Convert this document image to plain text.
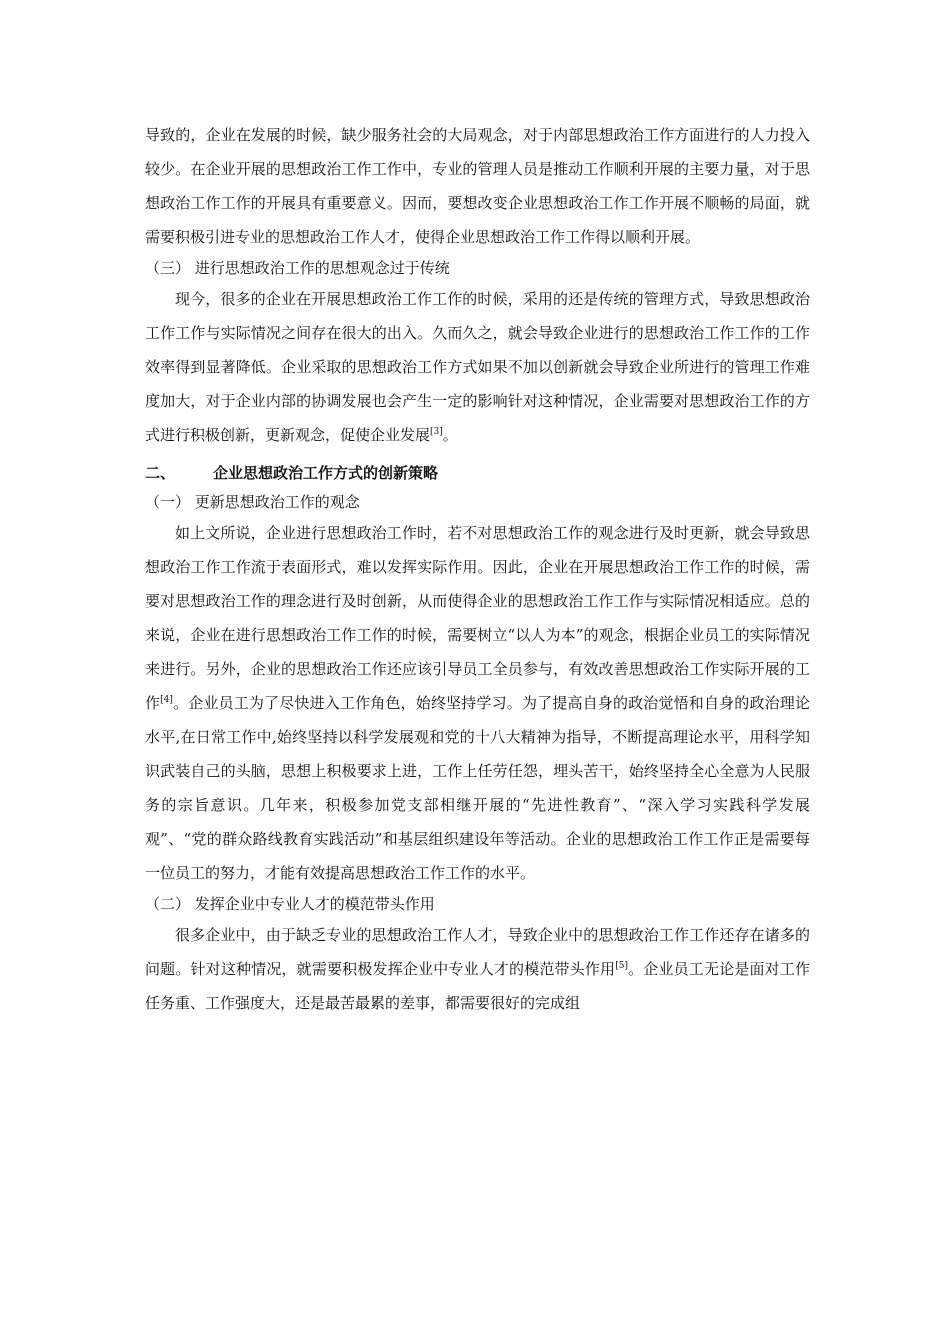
导致的，企业在发展的时候，缺少服务社会的大局观念，对于内部思想政治工作方面进行的人力投入较少。在企业开展的思想政治工作工作中，专业的管理人员是推动工作顺利开展的主要力量，对于思想政治工作工作的开展具有重要意义。因而，要想改变企业思想政治工作工作开展不顺畅的局面，就需要积极引进专业的思想政治工作人才，使得企业思想政治工作工作得以顺利开展。

（三） 进行思想政治工作的思想观念过于传统

现今，很多的企业在开展思想政治工作工作的时候，采用的还是传统的管理方式，导致思想政治工作工作与实际情况之间存在很大的出入。久而久之，就会导致企业进行的思想政治工作工作的工作效率得到显著降低。企业采取的思想政治工作方式如果不加以创新就会导致企业所进行的管理工作难度加大，对于企业内部的协调发展也会产生一定的影响针对这种情况，企业需要对思想政治工作的方式进行积极创新，更新观念，促使企业发展[3]。

二、	企业思想政治工作方式的创新策略

（一） 更新思想政治工作的观念

如上文所说，企业进行思想政治工作时，若不对思想政治工作的观念进行及时更新，就会导致思想政治工作工作流于表面形式，难以发挥实际作用。因此，企业在开展思想政治工作工作的时候，需要对思想政治工作的理念进行及时创新，从而使得企业的思想政治工作工作与实际情况相适应。总的来说，企业在进行思想政治工作工作的时候，需要树立“以人为本”的观念，根据企业员工的实际情况来进行。另外，企业的思想政治工作还应该引导员工全员参与，有效改善思想政治工作实际开展的工作[4]。企业员工为了尽快进入工作角色，始终坚持学习。为了提高自身的政治觉悟和自身的政治理论水平,在日常工作中,始终坚持以科学发展观和党的十八大精神为指导，不断提高理论水平，用科学知识武装自己的头脑，思想上积极要求上进，工作上任劳任怨，埋头苦干，始终坚持全心全意为人民服务的宗旨意识。几年来，积极参加党支部相继开展的“先进性教育”、“深入学习实践科学发展观”、“党的群众路线教育实践活动”和基层组织建设年等活动。企业的思想政治工作工作正是需要每一位员工的努力，才能有效提高思想政治工作工作的水平。

（二） 发挥企业中专业人才的模范带头作用

很多企业中，由于缺乏专业的思想政治工作人才，导致企业中的思想政治工作工作还存在诸多的问题。针对这种情况，就需要积极发挥企业中专业人才的模范带头作用[5]。企业员工无论是面对工作任务重、工作强度大，还是最苦最累的差事，都需要很好的完成组
